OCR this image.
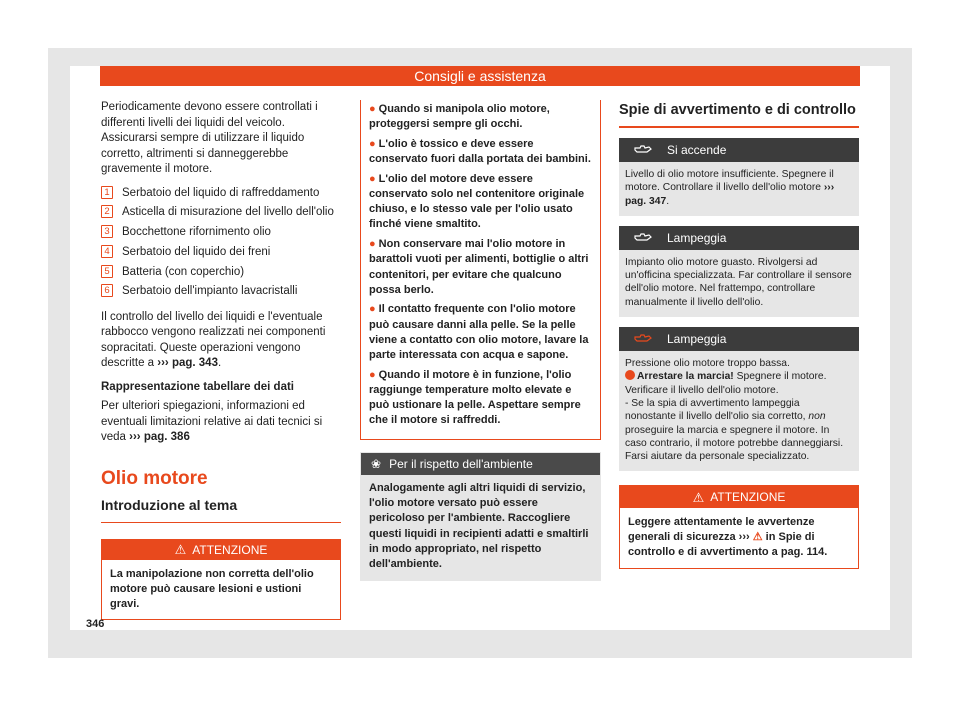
Consigli e assistenza

Periodicamente devono essere controllati i differenti livelli dei liquidi del veicolo. Assicurarsi sempre di utilizzare il liquido corretto, altrimenti si danneggerebbe gravemente il motore.

1 Serbatoio del liquido di raffreddamento
2 Asticella di misurazione del livello dell'olio
3 Bocchettone rifornimento olio
4 Serbatoio del liquido dei freni
5 Batteria (con coperchio)
6 Serbatoio dell'impianto lavacristalli

Il controllo del livello dei liquidi e l'eventuale rabbocco vengono realizzati nei componenti sopracitati. Queste operazioni vengono descritte a ››› pag. 343.

Rappresentazione tabellare dei dati

Per ulteriori spiegazioni, informazioni ed eventuali limitazioni relative ai dati tecnici si veda ››› pag. 386

Olio motore
Introduzione al tema
⚠ ATTENZIONE
La manipolazione non corretta dell'olio motore può causare lesioni e ustioni gravi.
● Quando si manipola olio motore, proteggersi sempre gli occhi.
● L'olio è tossico e deve essere conservato fuori dalla portata dei bambini.
● L'olio del motore deve essere conservato solo nel contenitore originale chiuso, e lo stesso vale per l'olio usato finché viene smaltito.
● Non conservare mai l'olio motore in barattoli vuoti per alimenti, bottiglie o altri contenitori, per evitare che qualcuno possa berlo.
● Il contatto frequente con l'olio motore può causare danni alla pelle. Se la pelle viene a contatto con olio motore, lavare la parte interessata con acqua e sapone.
● Quando il motore è in funzione, l'olio raggiunge temperature molto elevate e può ustionare la pelle. Aspettare sempre che il motore si raffreddi.
❀ Per il rispetto dell'ambiente
Analogamente agli altri liquidi di servizio, l'olio motore versato può essere pericoloso per l'ambiente. Raccogliere questi liquidi in recipienti adatti e smaltirli in modo appropriato, nel rispetto dell'ambiente.
Spie di avvertimento e di controllo
Si accende
Livello di olio motore insufficiente. Spegnere il motore. Controllare il livello dell'olio motore ››› pag. 347.
Lampeggia
Impianto olio motore guasto. Rivolgersi ad un'officina specializzata. Far controllare il sensore dell'olio motore. Nel frattempo, controllare manualmente il livello dell'olio.
Lampeggia
Pressione olio motore troppo bassa.
Arrestare la marcia! Spegnere il motore. Verificare il livello dell'olio motore.
- Se la spia di avvertimento lampeggia nonostante il livello dell'olio sia corretto, non proseguire la marcia e spegnere il motore. In caso contrario, il motore potrebbe danneggiarsi. Farsi aiutare da personale specializzato.
⚠ ATTENZIONE
Leggere attentamente le avvertenze generali di sicurezza ››› ⚠ in Spie di controllo e di avvertimento a pag. 114.
346
